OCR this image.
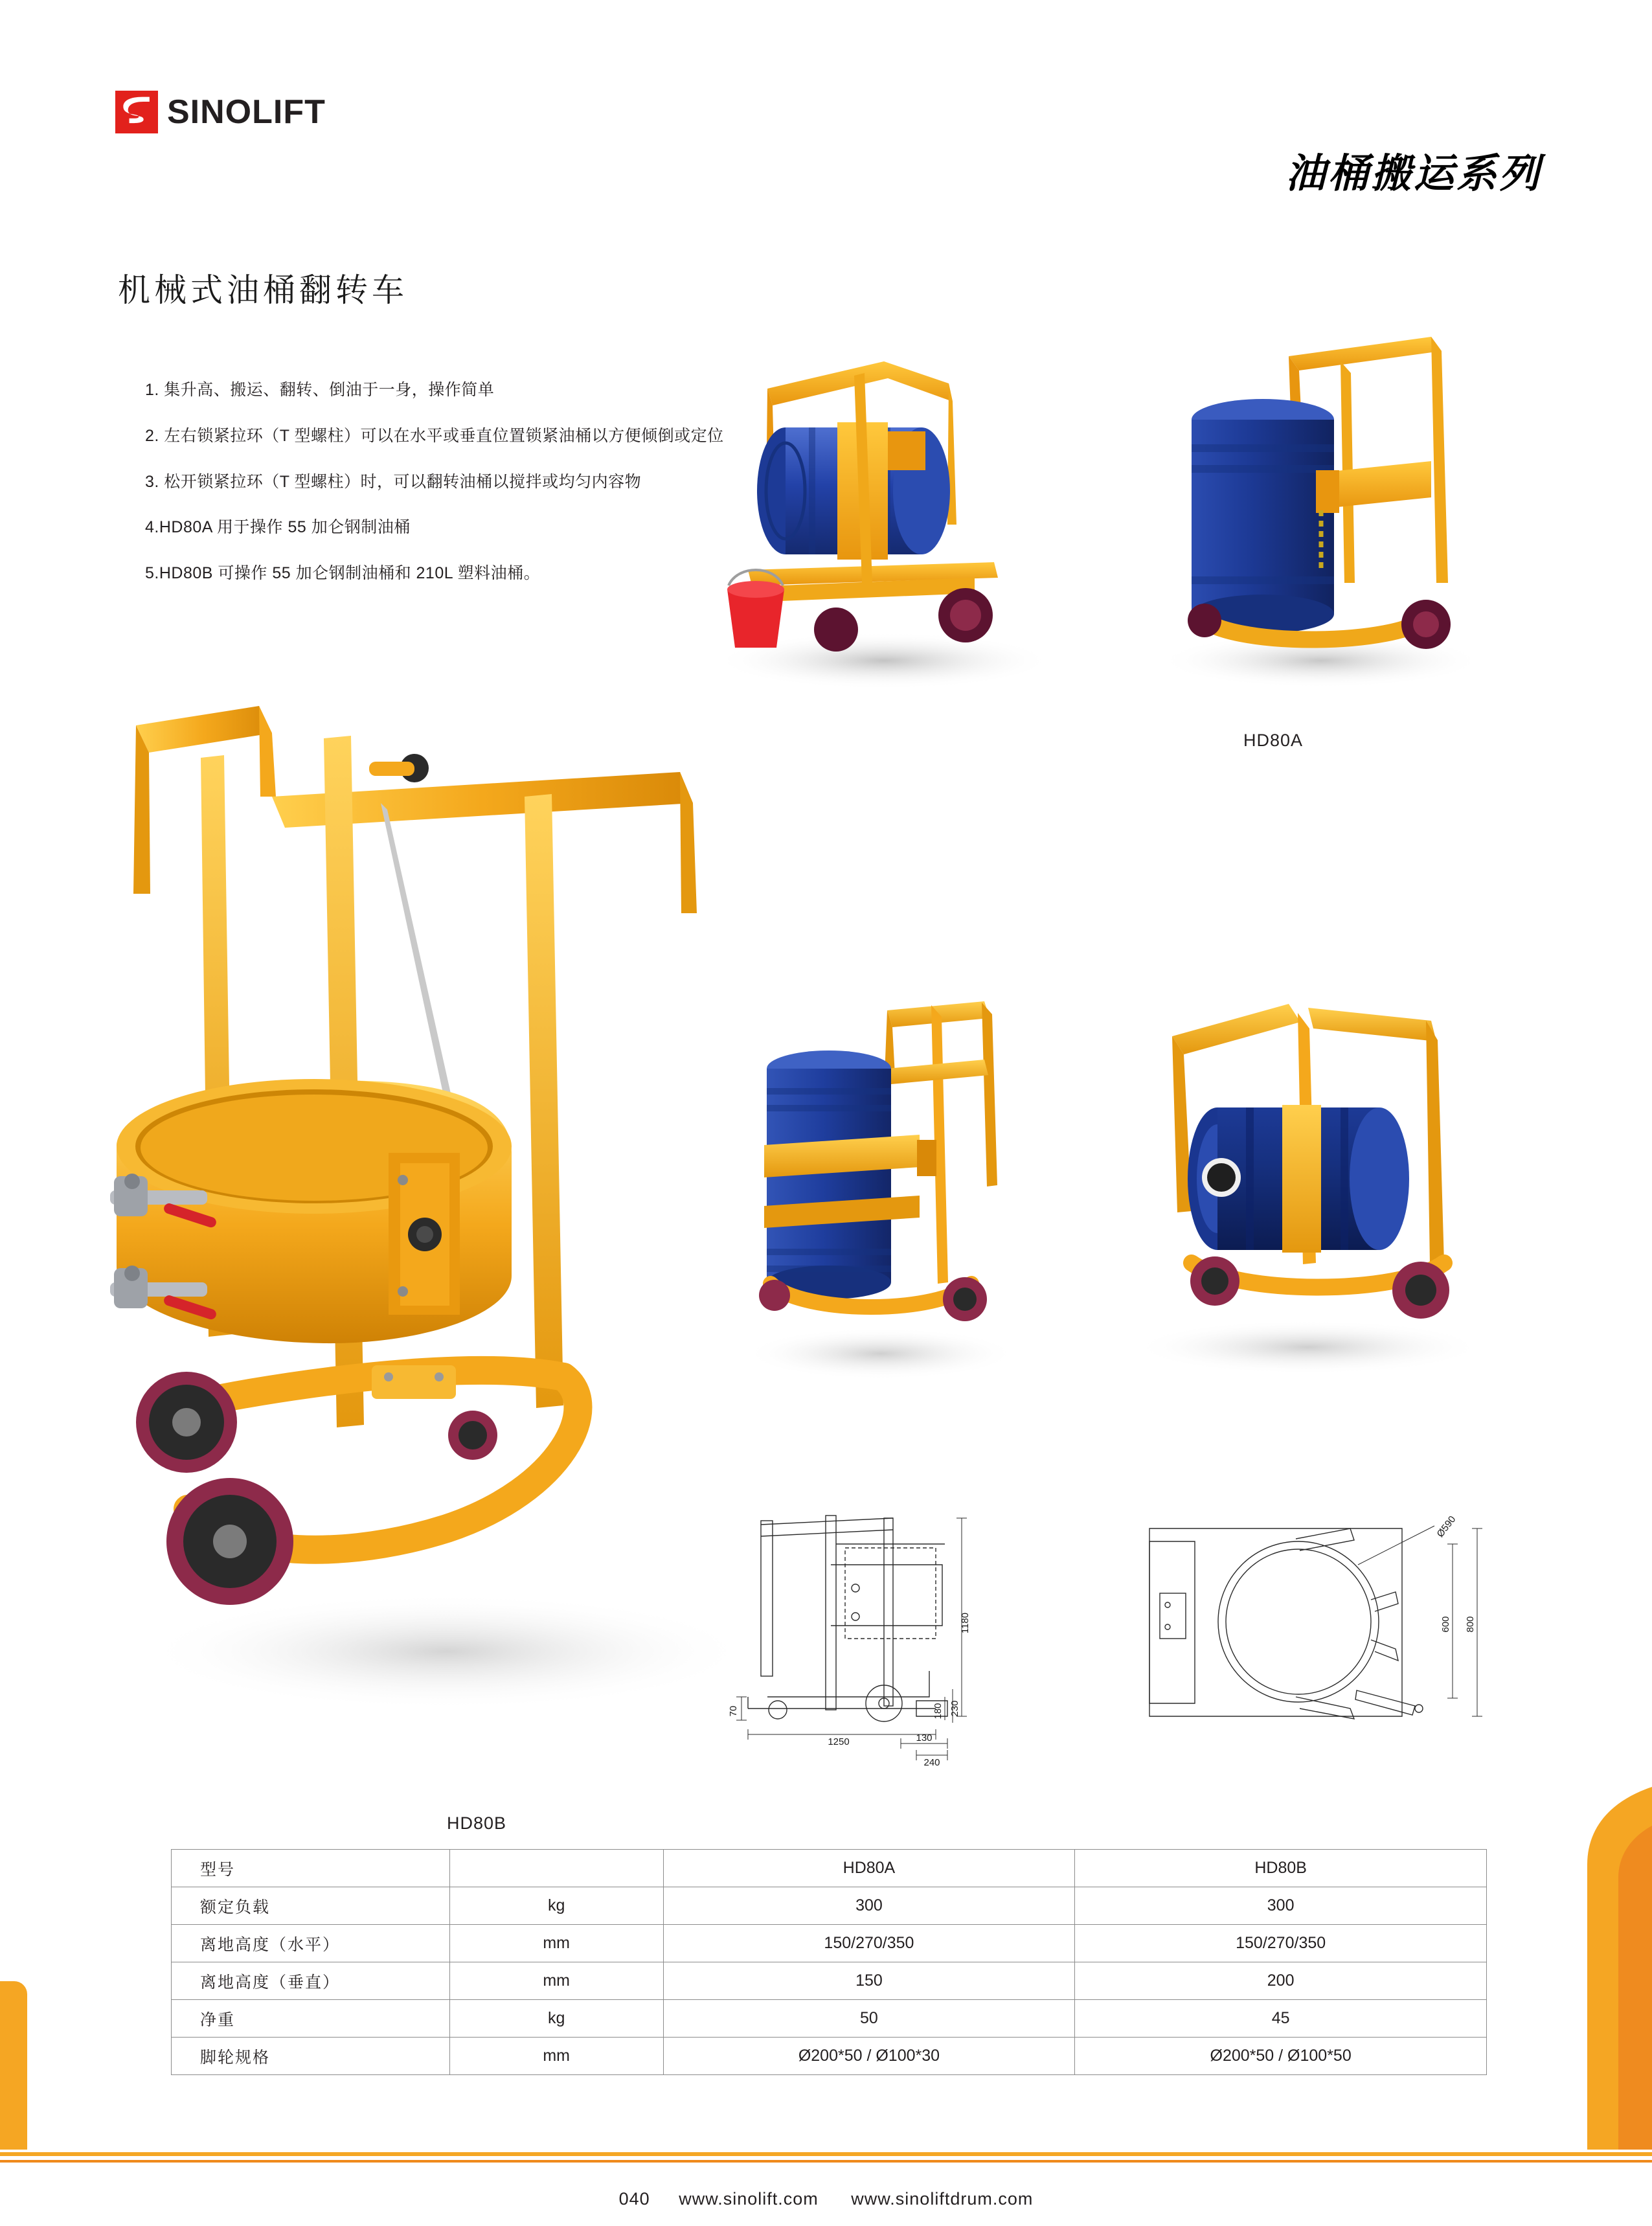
SINOLIFT
油桶搬运系列
机械式油桶翻转车
1. 集升高、搬运、翻转、倒油于一身，操作简单
2. 左右锁紧拉环（T 型螺柱）可以在水平或垂直位置锁紧油桶以方便倾倒或定位
3. 松开锁紧拉环（T 型螺柱）时，可以翻转油桶以搅拌或均匀内容物
4.HD80A 用于操作 55 加仑钢制油桶
5.HD80B 可操作 55 加仑钢制油桶和 210L 塑料油桶。
HD80A
HD80B
1180
70	180 230
130
240
1250
Ø590
600 800
型号		HD80A	HD80B
额定负载	kg	300	300
离地高度（水平）	mm	150/270/350	150/270/350
离地高度（垂直）	mm	150	200
净重	kg	50	45
脚轮规格	mm	Ø200*50 / Ø100*30	Ø200*50 / Ø100*50
040 www.sinolift.com www.sinoliftdrum.com
